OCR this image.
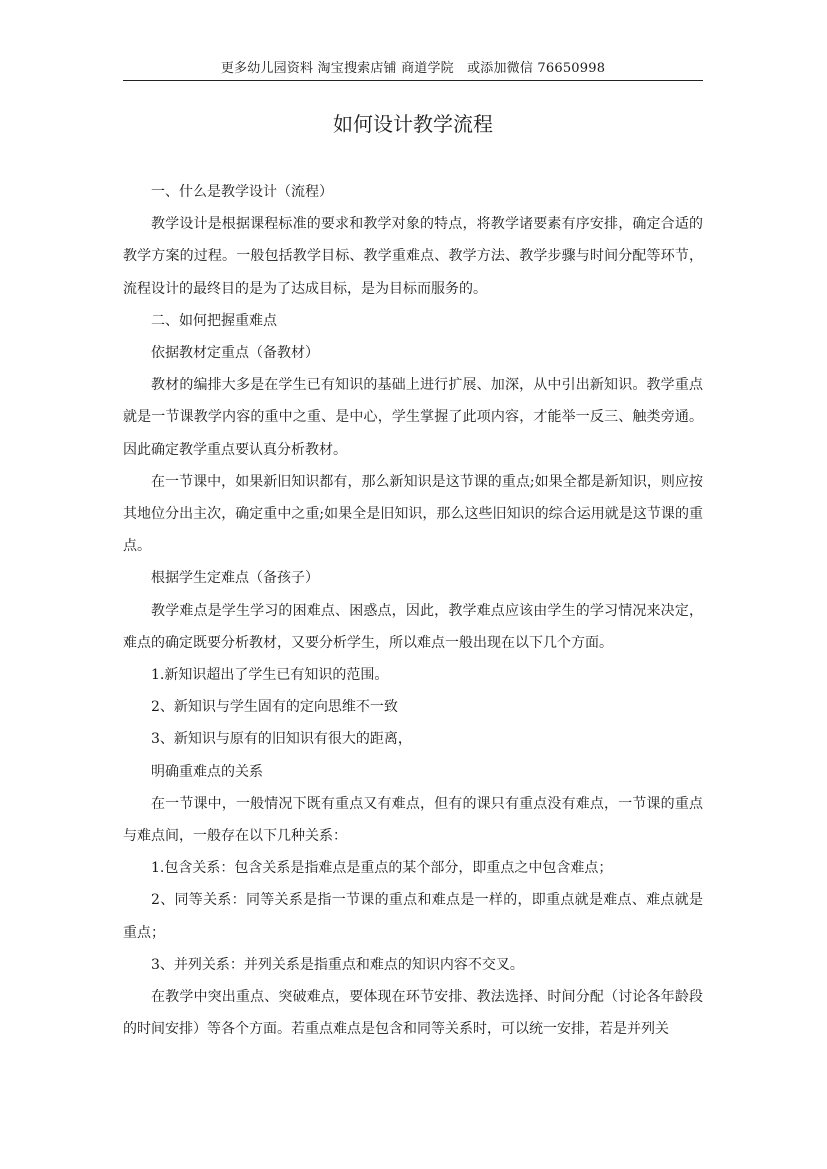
更多幼儿园资料 淘宝搜索店铺 商道学院　或添加微信 76650998
如何设计教学流程

一、什么是教学设计（流程）

教学设计是根据课程标准的要求和教学对象的特点，将教学诸要素有序安排，确定合适的教学方案的过程。一般包括教学目标、教学重难点、教学方法、教学步骤与时间分配等环节，流程设计的最终目的是为了达成目标，是为目标而服务的。

二、如何把握重难点

依据教材定重点（备教材）

教材的编排大多是在学生已有知识的基础上进行扩展、加深，从中引出新知识。教学重点就是一节课教学内容的重中之重、是中心，学生掌握了此项内容，才能举一反三、触类旁通。因此确定教学重点要认真分析教材。

在一节课中，如果新旧知识都有，那么新知识是这节课的重点;如果全都是新知识，则应按其地位分出主次，确定重中之重;如果全是旧知识，那么这些旧知识的综合运用就是这节课的重点。

根据学生定难点（备孩子）

教学难点是学生学习的困难点、困惑点，因此，教学难点应该由学生的学习情况来决定，难点的确定既要分析教材，又要分析学生，所以难点一般出现在以下几个方面。

1.新知识超出了学生已有知识的范围。

2、新知识与学生固有的定向思维不一致

3、新知识与原有的旧知识有很大的距离，

明确重难点的关系

在一节课中，一般情况下既有重点又有难点，但有的课只有重点没有难点，一节课的重点与难点间，一般存在以下几种关系：

1.包含关系：包含关系是指难点是重点的某个部分，即重点之中包含难点；

2、同等关系：同等关系是指一节课的重点和难点是一样的，即重点就是难点、难点就是重点；

3、并列关系：并列关系是指重点和难点的知识内容不交叉。

在教学中突出重点、突破难点，要体现在环节安排、教法选择、时间分配（讨论各年龄段的时间安排）等各个方面。若重点难点是包含和同等关系时，可以统一安排，若是并列关
